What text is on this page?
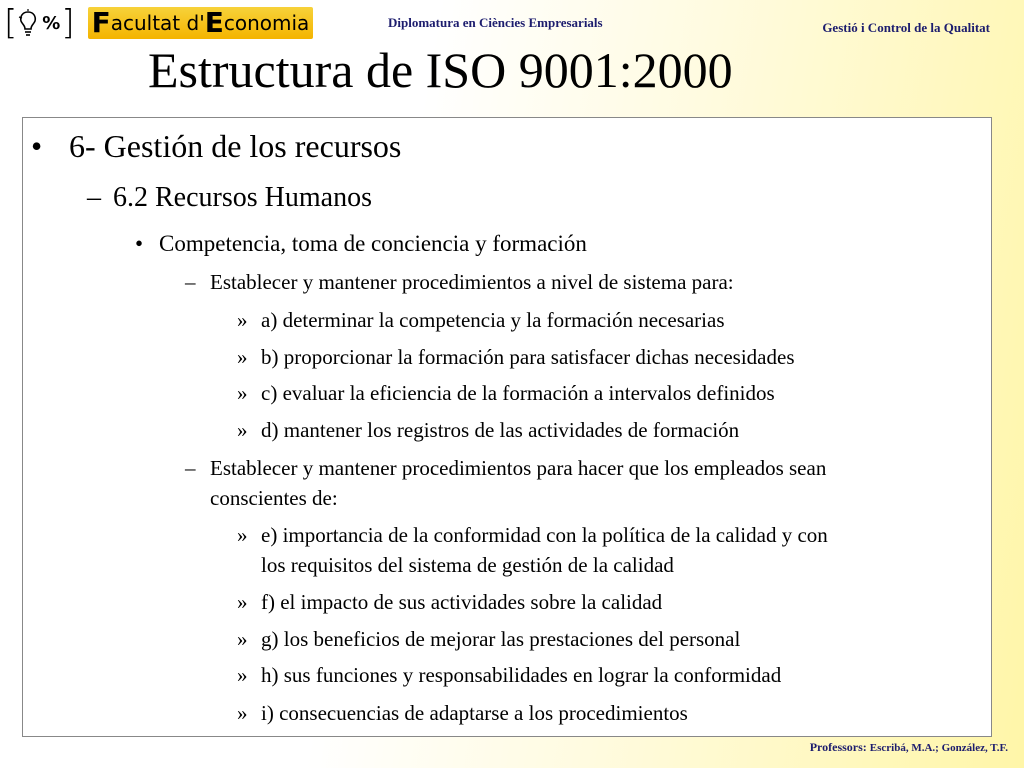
[ % ] F acultat d' E conomia	Diplomatura en Ciències Empresarials	Gestió i Control de la Qualitat
Estructura de ISO 9001:2000
• 6- Gestión de los recursos
– 6.2 Recursos Humanos
• Competencia, toma de conciencia y formación
– Establecer y mantener procedimientos a nivel de sistema para:
» a) determinar la competencia y la formación necesarias
» b) proporcionar la formación para satisfacer dichas necesidades
» c) evaluar la eficiencia de la formación a intervalos definidos
» d) mantener los registros de las actividades de formación
– Establecer y mantener procedimientos para hacer que los empleados sean
conscientes de:
» e) importancia de la conformidad con la política de la calidad y con
los requisitos del sistema de gestión de la calidad
» f) el impacto de sus actividades sobre la calidad
» g) los beneficios de mejorar las prestaciones del personal
» h) sus funciones y responsabilidades en lograr la conformidad
» i) consecuencias de adaptarse a los procedimientos
Professors: Escribá, M.A.; González, T.F.
